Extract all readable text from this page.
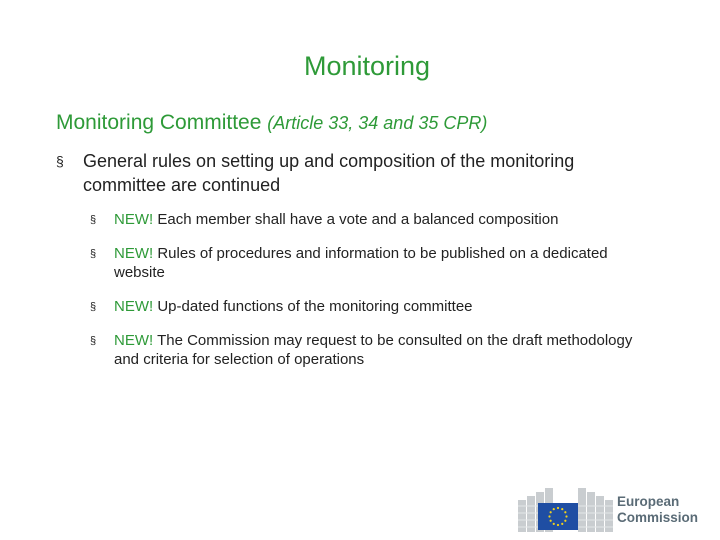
Monitoring
Monitoring Committee (Article 33, 34 and 35 CPR)
§ General rules on setting up and composition of the monitoring committee are continued
§ NEW! Each member shall have a vote and a balanced composition
§ NEW! Rules of procedures and information to be published on a dedicated website
§ NEW! Up-dated functions of the monitoring committee
§ NEW! The Commission may request to be consulted on the draft methodology and criteria for selection of operations
European
Commission
